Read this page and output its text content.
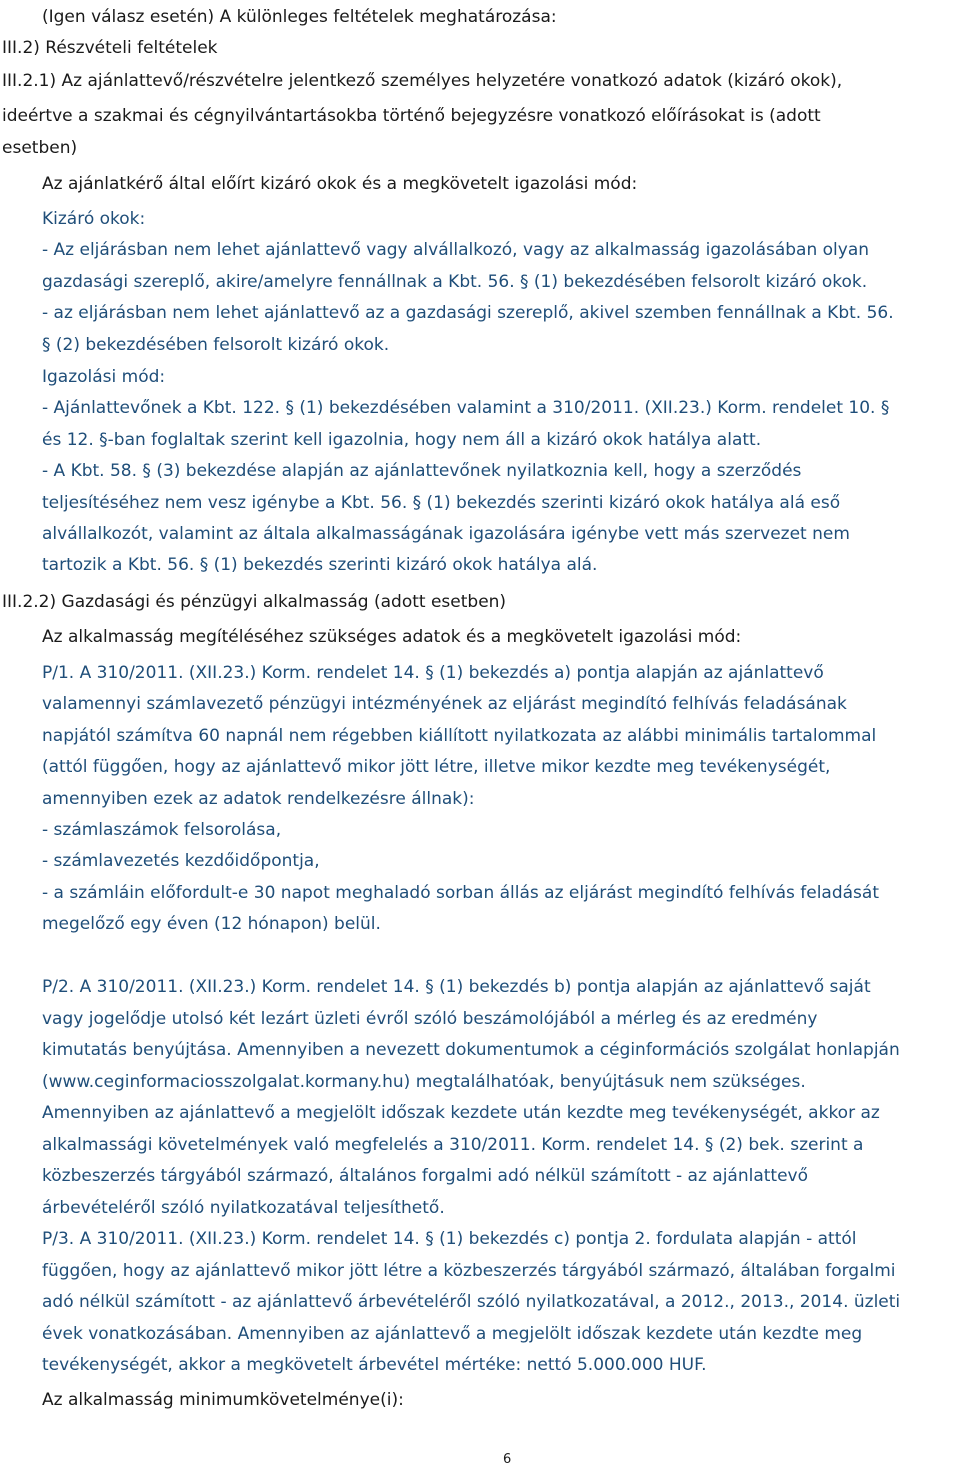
(Igen válasz esetén) A különleges feltételek meghatározása:
III.2) Részvételi feltételek
III.2.1) Az ajánlattevő/részvételre jelentkező személyes helyzetére vonatkozó adatok (kizáró okok),
ideértve a szakmai és cégnyilvántartásokba történő bejegyzésre vonatkozó előírásokat is (adott
esetben)
Az ajánlatkérő által előírt kizáró okok és a megkövetelt igazolási mód:
Kizáró okok:
- Az eljárásban nem lehet ajánlattevő vagy alvállalkozó, vagy az alkalmasság igazolásában olyan
gazdasági szereplő, akire/amelyre fennállnak a Kbt. 56. § (1) bekezdésében felsorolt kizáró okok.
- az eljárásban nem lehet ajánlattevő az a gazdasági szereplő, akivel szemben fennállnak a Kbt. 56.
§ (2) bekezdésében felsorolt kizáró okok.
Igazolási mód:
- Ajánlattevőnek a Kbt. 122. § (1) bekezdésében valamint a 310/2011. (XII.23.) Korm. rendelet 10. §
és 12. §-ban foglaltak szerint kell igazolnia, hogy nem áll a kizáró okok hatálya alatt.
- A Kbt. 58. § (3) bekezdése alapján az ajánlattevőnek nyilatkoznia kell, hogy a szerződés
teljesítéséhez nem vesz igénybe a Kbt. 56. § (1) bekezdés szerinti kizáró okok hatálya alá eső
alvállalkozót, valamint az általa alkalmasságának igazolására igénybe vett más szervezet nem
tartozik a Kbt. 56. § (1) bekezdés szerinti kizáró okok hatálya alá.
III.2.2) Gazdasági és pénzügyi alkalmasság (adott esetben)
Az alkalmasság megítéléséhez szükséges adatok és a megkövetelt igazolási mód:
P/1. A 310/2011. (XII.23.) Korm. rendelet 14. § (1) bekezdés a) pontja alapján az ajánlattevő
valamennyi számlavezető pénzügyi intézményének az eljárást megindító felhívás feladásának
napjától számítva 60 napnál nem régebben kiállított nyilatkozata az alábbi minimális tartalommal
(attól függően, hogy az ajánlattevő mikor jött létre, illetve mikor kezdte meg tevékenységét,
amennyiben ezek az adatok rendelkezésre állnak):
- számlaszámok felsorolása,
- számlavezetés kezdőidőpontja,
- a számláin előfordult-e 30 napot meghaladó sorban állás az eljárást megindító felhívás feladását
megelőző egy éven (12 hónapon) belül.
P/2. A 310/2011. (XII.23.) Korm. rendelet 14. § (1) bekezdés b) pontja alapján az ajánlattevő saját
vagy jogelődje utolsó két lezárt üzleti évről szóló beszámolójából a mérleg és az eredmény
kimutatás benyújtása. Amennyiben a nevezett dokumentumok a céginformációs szolgálat honlapján
(www.ceginformaciosszolgalat.kormany.hu) megtalálhatóak, benyújtásuk nem szükséges.
Amennyiben az ajánlattevő a megjelölt időszak kezdete után kezdte meg tevékenységét, akkor az
alkalmassági követelmények való megfelelés a 310/2011. Korm. rendelet 14. § (2) bek. szerint a
közbeszerzés tárgyából származó, általános forgalmi adó nélkül számított - az ajánlattevő
árbevételéről szóló nyilatkozatával teljesíthető.
P/3. A 310/2011. (XII.23.) Korm. rendelet 14. § (1) bekezdés c) pontja 2. fordulata alapján - attól
függően, hogy az ajánlattevő mikor jött létre a közbeszerzés tárgyából származó, általában forgalmi
adó nélkül számított - az ajánlattevő árbevételéről szóló nyilatkozatával, a 2012., 2013., 2014. üzleti
évek vonatkozásában. Amennyiben az ajánlattevő a megjelölt időszak kezdete után kezdte meg
tevékenységét, akkor a megkövetelt árbevétel mértéke: nettó 5.000.000 HUF.
Az alkalmasság minimumkövetelménye(i):
6
